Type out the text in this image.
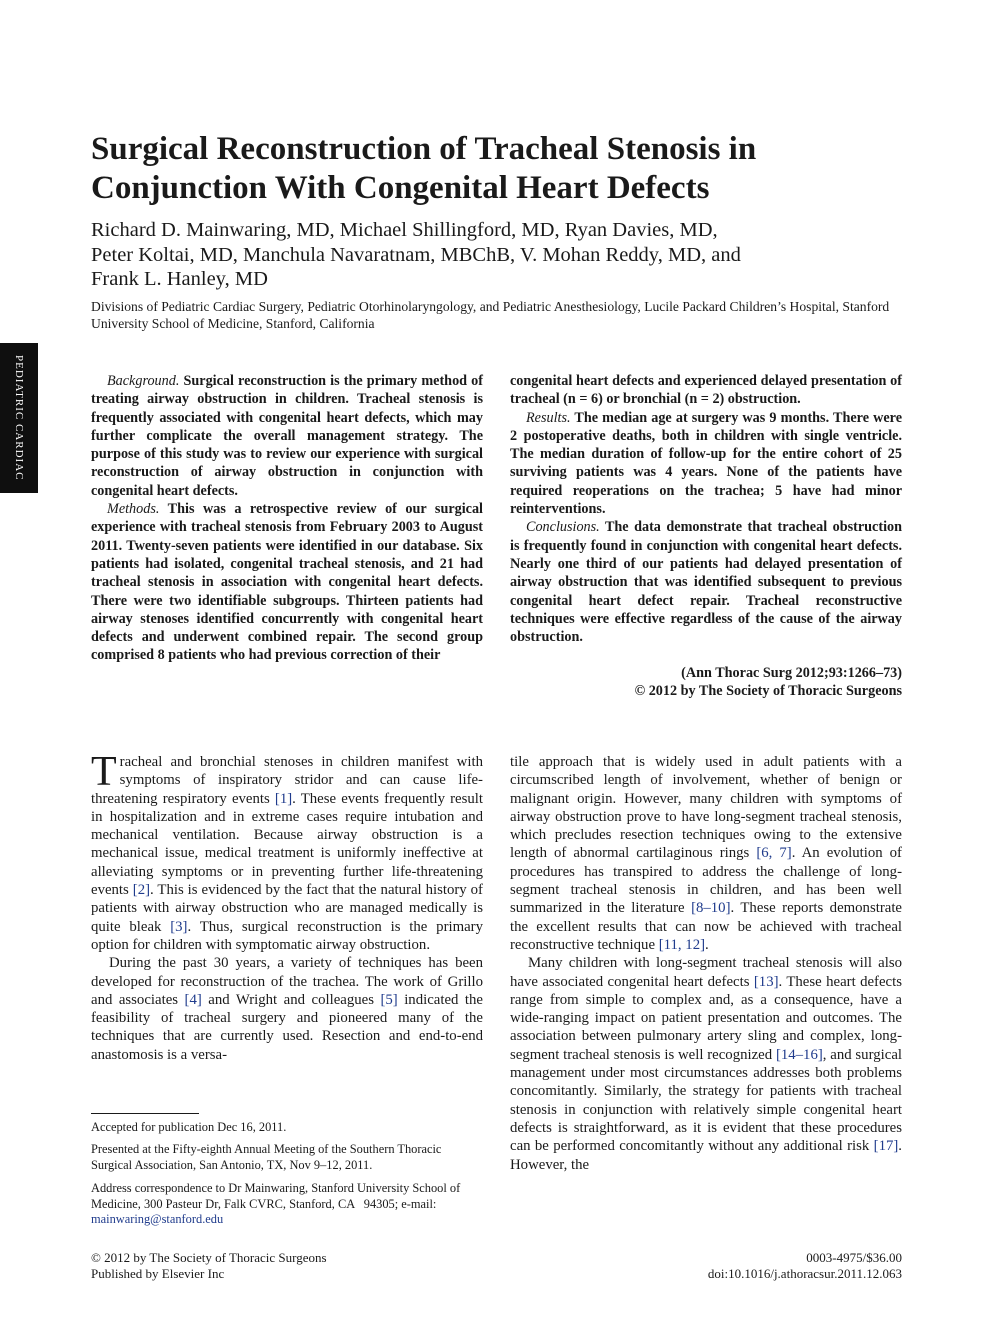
Surgical Reconstruction of Tracheal Stenosis in
Conjunction With Congenital Heart Defects
Richard D. Mainwaring, MD, Michael Shillingford, MD, Ryan Davies, MD,
Peter Koltai, MD, Manchula Navaratnam, MBChB, V. Mohan Reddy, MD, and
Frank L. Hanley, MD
Divisions of Pediatric Cardiac Surgery, Pediatric Otorhinolaryngology, and Pediatric Anesthesiology, Lucile Packard Children’s Hospital, Stanford University School of Medicine, Stanford, California
PEDIATRIC CARDIAC	Background. Surgical reconstruction is the primary method of treating airway obstruction in children. Tracheal stenosis is frequently associated with congenital heart defects, which may further complicate the overall management strategy. The purpose of this study was to review our experience with surgical reconstruction of airway obstruction in conjunction with congenital heart defects.

Methods. This was a retrospective review of our surgical experience with tracheal stenosis from February 2003 to August 2011. Twenty-seven patients were identified in our database. Six patients had isolated, congenital tracheal stenosis, and 21 had tracheal stenosis in association with congenital heart defects. There were two identifiable subgroups. Thirteen patients had airway stenoses identified concurrently with congenital heart defects and underwent combined repair. The second group comprised 8 patients who had previous correction of their

congenital heart defects and experienced delayed presentation of tracheal (n = 6) or bronchial (n = 2) obstruction.

Results. The median age at surgery was 9 months. There were 2 postoperative deaths, both in children with single ventricle. The median duration of follow-up for the entire cohort of 25 surviving patients was 4 years. None of the patients have required reoperations on the trachea; 5 have had minor reinterventions.

Conclusions. The data demonstrate that tracheal obstruction is frequently found in conjunction with congenital heart defects. Nearly one third of our patients had delayed presentation of airway obstruction that was identified subsequent to previous congenital heart defect repair. Tracheal reconstructive techniques were effective regardless of the cause of the airway obstruction.

(Ann Thorac Surg 2012;93:1266–73)
© 2012 by The Society of Thoracic Surgeons

Tracheal and bronchial stenoses in children manifest with symptoms of inspiratory stridor and can cause life-threatening respiratory events [1]. These events frequently result in hospitalization and in extreme cases require intubation and mechanical ventilation. Because airway obstruction is a mechanical issue, medical treatment is uniformly ineffective at alleviating symptoms or in preventing further life-threatening events [2]. This is evidenced by the fact that the natural history of patients with airway obstruction who are managed medically is quite bleak [3]. Thus, surgical reconstruction is the primary option for children with symptomatic airway obstruction.

During the past 30 years, a variety of techniques has been developed for reconstruction of the trachea. The work of Grillo and associates [4] and Wright and colleagues [5] indicated the feasibility of tracheal surgery and pioneered many of the techniques that are currently used. Resection and end-to-end anastomosis is a versa-

tile approach that is widely used in adult patients with a circumscribed length of involvement, whether of benign or malignant origin. However, many children with symptoms of airway obstruction prove to have long-segment tracheal stenosis, which precludes resection techniques owing to the extensive length of abnormal cartilaginous rings [6, 7]. An evolution of procedures has transpired to address the challenge of long-segment tracheal stenosis in children, and has been well summarized in the literature [8–10]. These reports demonstrate the excellent results that can now be achieved with tracheal reconstructive technique [11, 12].

Many children with long-segment tracheal stenosis will also have associated congenital heart defects [13]. These heart defects range from simple to complex and, as a consequence, have a wide-ranging impact on patient presentation and outcomes. The association between pulmonary artery sling and complex, long-segment tracheal stenosis is well recognized [14–16], and surgical management under most circumstances addresses both problems concomitantly. Similarly, the strategy for patients with tracheal stenosis in conjunction with relatively simple congenital heart defects is straightforward, as it is evident that these procedures can be performed concomitantly without any additional risk [17]. However, the

Accepted for publication Dec 16, 2011.

Presented at the Fifty-eighth Annual Meeting of the Southern Thoracic Surgical Association, San Antonio, TX, Nov 9–12, 2011.

Address correspondence to Dr Mainwaring, Stanford University School of Medicine, 300 Pasteur Dr, Falk CVRC, Stanford, CA   94305; e-mail: mainwaring@stanford.edu

© 2012 by The Society of Thoracic Surgeons
Published by Elsevier Inc
0003-4975/$36.00
doi:10.1016/j.athoracsur.2011.12.063
